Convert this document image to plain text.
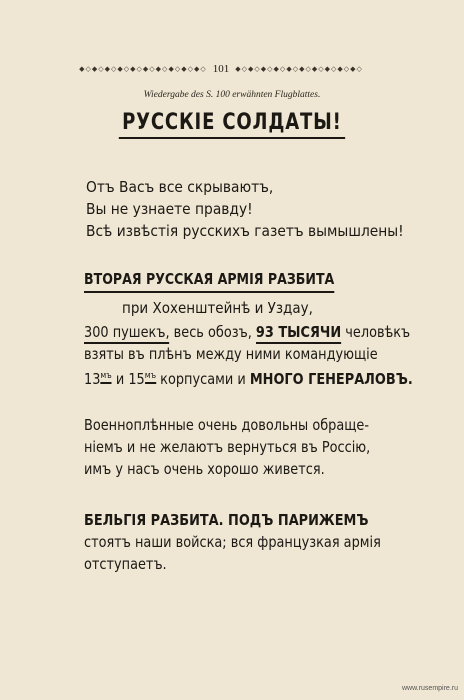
◆◇◆◇◆◇◆◇◆◇◆◇◆◇◆◇◆◇◆◇ 101 ◆◇◆◇◆◇◆◇◆◇◆◇◆◇◆◇◆◇◆◇
Wiedergabe des S. 100 erwähnten Flugblattes.
РУССКІЕ СОЛДАТЫ!
Отъ Васъ все скрываютъ,
Вы не узнаете правду!
Всѣ извѣстія русскихъ газетъ вымышлены!
ВТОРАЯ РУССКАЯ АРМІЯ РАЗБИТА
при Хохенштейнѣ и Уздау,
300 пушекъ, весь обозъ, 93 ТЫСЯЧИ человѣкъ
взяты въ плѣнъ между ними командующіе
$13^{мъ}$ и $15^{мъ}$ корпусами и МНОГО ГЕНЕРАЛОВЪ.
Военноплѣнные очень довольны обраще-
ніемъ и не желаютъ вернуться въ Россію,
имъ у насъ очень хорошо живется.
БЕЛЬГІЯ РАЗБИТА. ПОДЪ ПАРИЖЕМЪ
стоятъ наши войска; вся французкая армія
отступаетъ.
www.rusempire.ru
